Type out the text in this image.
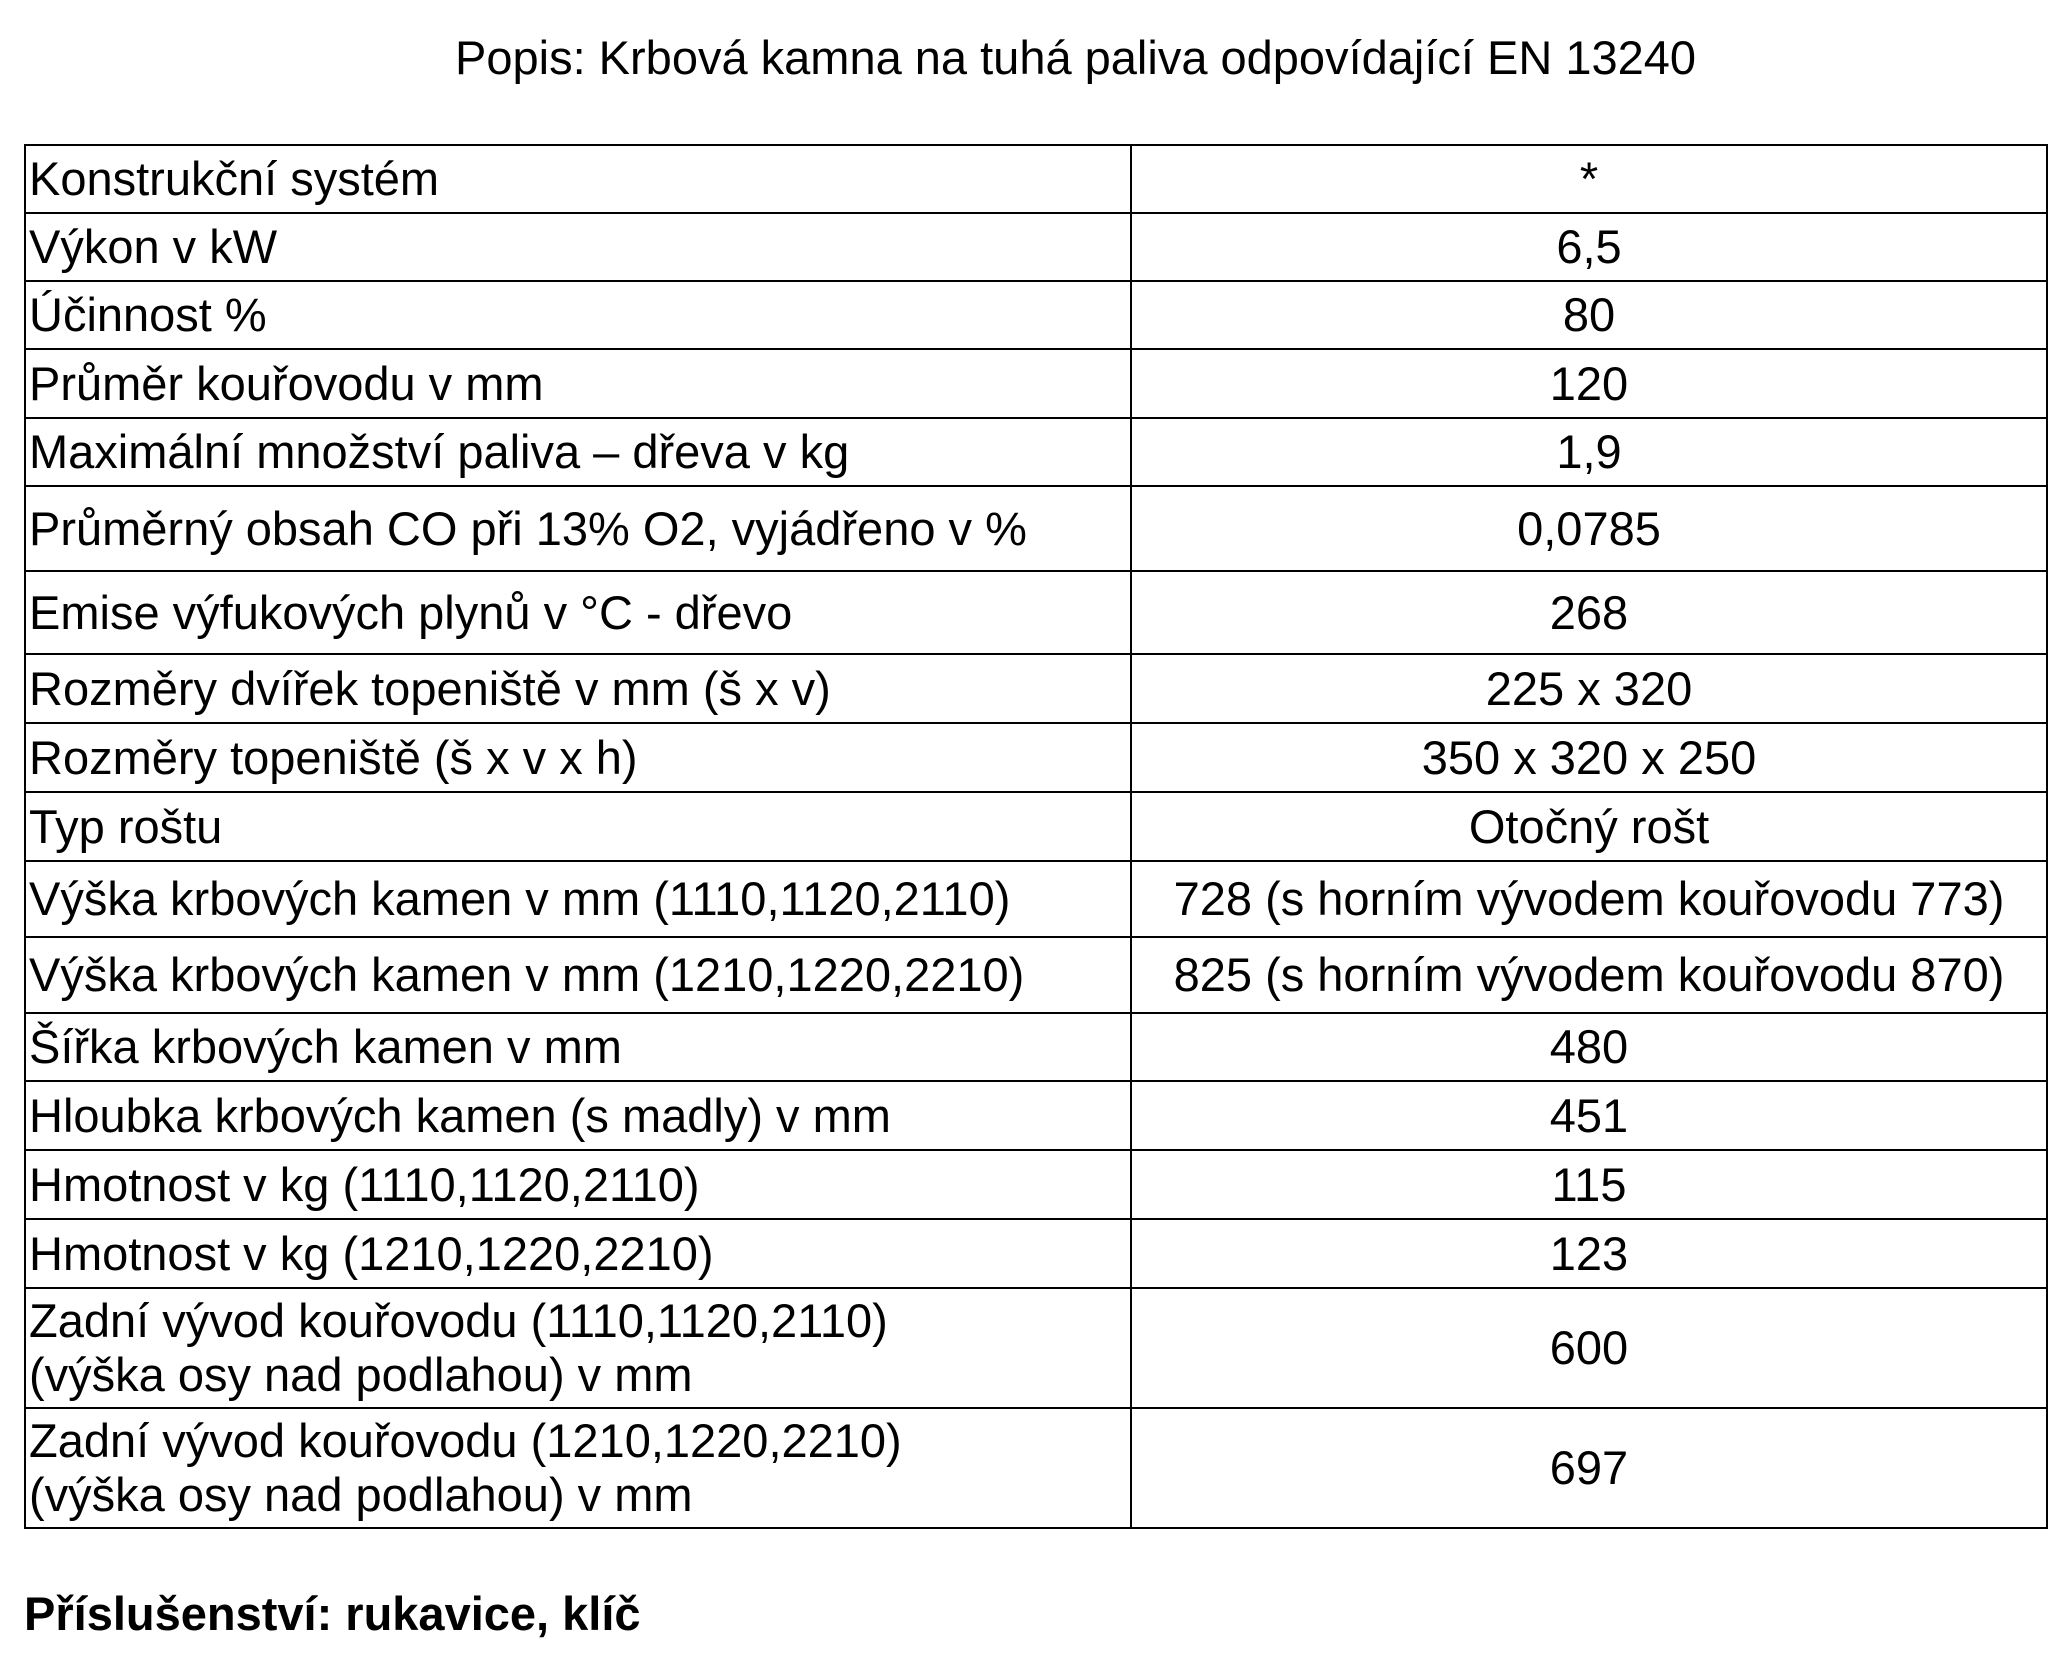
Popis: Krbová kamna na tuhá paliva odpovídající EN 13240
Konstrukční systém	*

Výkon v kW	6,5

Účinnost %	80

Průměr kouřovodu v mm	120

Maximální množství paliva – dřeva v kg	1,9

Průměrný obsah CO při 13% O2, vyjádřeno v %	0,0785

Emise výfukových plynů v °C - dřevo	268

Rozměry dvířek topeniště v mm (š x v)	225 x 320

Rozměry topeniště (š x v x h)	350 x 320 x 250

Typ roštu	Otočný rošt

Výška krbových kamen v mm (1110,1120,2110)	728 (s horním vývodem kouřovodu 773)

Výška krbových kamen v mm (1210,1220,2210)	825 (s horním vývodem kouřovodu 870)

Šířka krbových kamen v mm	480

Hloubka krbových kamen (s madly) v mm	451

Hmotnost v kg (1110,1120,2110)	115

Hmotnost v kg (1210,1220,2210)	123

Zadní vývod kouřovodu (1110,1120,2110)
(výška osy nad podlahou) v mm	600

Zadní vývod kouřovodu (1210,1220,2210)
(výška osy nad podlahou) v mm	697
Příslušenství: rukavice, klíč
